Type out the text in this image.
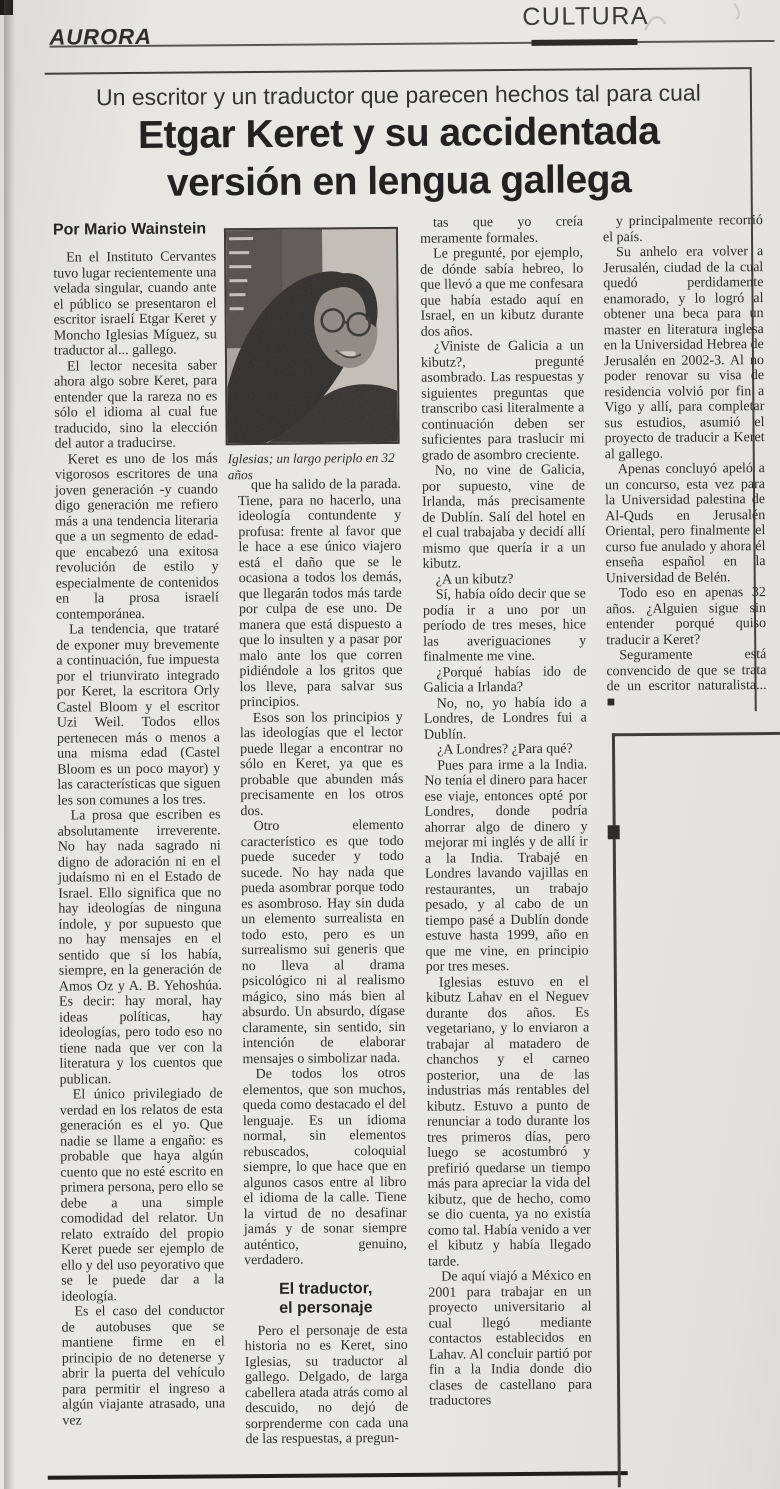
AURORA
CULTURA
Un escritor y un traductor que parecen hechos tal para cual
Etgar Keret y su accidentada
versión en lengua gallega
Por Mario Wainstein
Iglesias; un largo periplo en 32 años

En el Instituto Cervantes tuvo lugar recientemente una velada singular, cuando ante el público se presentaron el escritor israelí Etgar Keret y Moncho Iglesias Míguez, su traductor al... gallego.

El lector necesita saber ahora algo sobre Keret, para entender que la rareza no es sólo el idioma al cual fue traducido, sino la elección del autor a traducirse.

Keret es uno de los más vigorosos escritores de una joven generación -y cuando digo generación me refiero más a una tendencia literaria que a un segmento de edad- que encabezó una exitosa revolución de estilo y especialmente de contenidos en la prosa israelí contemporánea.

La tendencia, que trataré de exponer muy brevemente a continuación, fue impuesta por el triunvirato integrado por Keret, la escritora Orly Castel Bloom y el escritor Uzi Weil. Todos ellos pertenecen más o menos a una misma edad (Castel Bloom es un poco mayor) y las características que siguen les son comunes a los tres.

La prosa que escriben es absolutamente irreverente. No hay nada sagrado ni digno de adoración ni en el judaísmo ni en el Estado de Israel. Ello significa que no hay ideologías de ninguna índole, y por supuesto que no hay mensajes en el sentido que sí los había, siempre, en la generación de Amos Oz y A. B. Yehoshúa. Es decir: hay moral, hay ideas políticas, hay ideologías, pero todo eso no tiene nada que ver con la literatura y los cuentos que publican.

El único privilegiado de verdad en los relatos de esta generación es el yo. Que nadie se llame a engaño: es probable que haya algún cuento que no esté escrito en primera persona, pero ello se debe a una simple comodidad del relator. Un relato extraído del propio Keret puede ser ejemplo de ello y del uso peyorativo que se le puede dar a la ideología.

Es el caso del conductor de autobuses que se mantiene firme en el principio de no detenerse y abrir la puerta del vehículo para permitir el ingreso a algún viajante atrasado, una vez

que ha salido de la parada. Tiene, para no hacerlo, una ideología contundente y profusa: frente al favor que le hace a ese único viajero está el daño que se le ocasiona a todos los demás, que llegarán todos más tarde por culpa de ese uno. De manera que está dispuesto a que lo insulten y a pasar por malo ante los que corren pidiéndole a los gritos que los lleve, para salvar sus principios.

Esos son los principios y las ideologías que el lector puede llegar a encontrar no sólo en Keret, ya que es probable que abunden más precisamente en los otros dos.

Otro elemento característico es que todo puede suceder y todo sucede. No hay nada que pueda asombrar porque todo es asombroso. Hay sin duda un elemento surrealista en todo esto, pero es un surrealismo sui generis que no lleva al drama psicológico ni al realismo mágico, sino más bien al absurdo. Un absurdo, dígase claramente, sin sentido, sin intención de elaborar mensajes o simbolizar nada.

De todos los otros elementos, que son muchos, queda como destacado el del lenguaje. Es un idioma normal, sin elementos rebuscados, coloquial siempre, lo que hace que en algunos casos entre al libro el idioma de la calle. Tiene la virtud de no desafinar jamás y de sonar siempre auténtico, genuino, verdadero.

El traductor,
el personaje

Pero el personaje de esta historia no es Keret, sino Iglesias, su traductor al gallego. Delgado, de larga cabellera atada atrás como al descuido, no dejó de sorprenderme con cada una de las respuestas, a pregun-

tas que yo creía meramente formales.

Le pregunté, por ejemplo, de dónde sabía hebreo, lo que llevó a que me confesara que había estado aquí en Israel, en un kibutz durante dos años.

¿Viniste de Galicia a un kibutz?, pregunté asombrado. Las respuestas y siguientes preguntas que transcribo casi literalmente a continuación deben ser suficientes para traslucir mi grado de asombro creciente.

No, no vine de Galicia, por supuesto, vine de Irlanda, más precisamente de Dublín. Salí del hotel en el cual trabajaba y decidí allí mismo que quería ir a un kibutz.

¿A un kibutz?

Sí, había oído decir que se podía ir a uno por un período de tres meses, hice las averiguaciones y finalmente me vine.

¿Porqué habías ido de Galicia a Irlanda?

No, no, yo había ido a Londres, de Londres fui a Dublín.

¿A Londres? ¿Para qué?

Pues para irme a la India. No tenía el dinero para hacer ese viaje, entonces opté por Londres, donde podría ahorrar algo de dinero y mejorar mi inglés y de allí ir a la India. Trabajé en Londres lavando vajillas en restaurantes, un trabajo pesado, y al cabo de un tiempo pasé a Dublín donde estuve hasta 1999, año en que me vine, en principio por tres meses.

Iglesias estuvo en el kibutz Lahav en el Neguev durante dos años. Es vegetariano, y lo enviaron a trabajar al matadero de chanchos y el carneo posterior, una de las industrias más rentables del kibutz. Estuvo a punto de renunciar a todo durante los tres primeros días, pero luego se acostumbró y prefirió quedarse un tiempo más para apreciar la vida del kibutz, que de hecho, como se dio cuenta, ya no existía como tal. Había venido a ver el kibutz y había llegado tarde.

De aquí viajó a México en 2001 para trabajar en un proyecto universitario al cual llegó mediante contactos establecidos en Lahav. Al concluir partió por fin a la India donde dio clases de castellano para traductores

y principalmente recorrió el país.

Su anhelo era volver a Jerusalén, ciudad de la cual quedó perdidamente enamorado, y lo logró al obtener una beca para un master en literatura inglesa en la Universidad Hebrea de Jerusalén en 2002-3. Al no poder renovar su visa de residencia volvió por fin a Vigo y allí, para completar sus estudios, asumió el proyecto de traducir a Keret al gallego.

Apenas concluyó apeló a un concurso, esta vez para la Universidad palestina de Al-Quds en Jerusalén Oriental, pero finalmente el curso fue anulado y ahora él enseña español en la Universidad de Belén.

Todo eso en apenas 32 años. ¿Alguien sigue sin entender porqué quiso traducir a Keret?

Seguramente está convencido de que se trata de un escritor naturalista... ■
